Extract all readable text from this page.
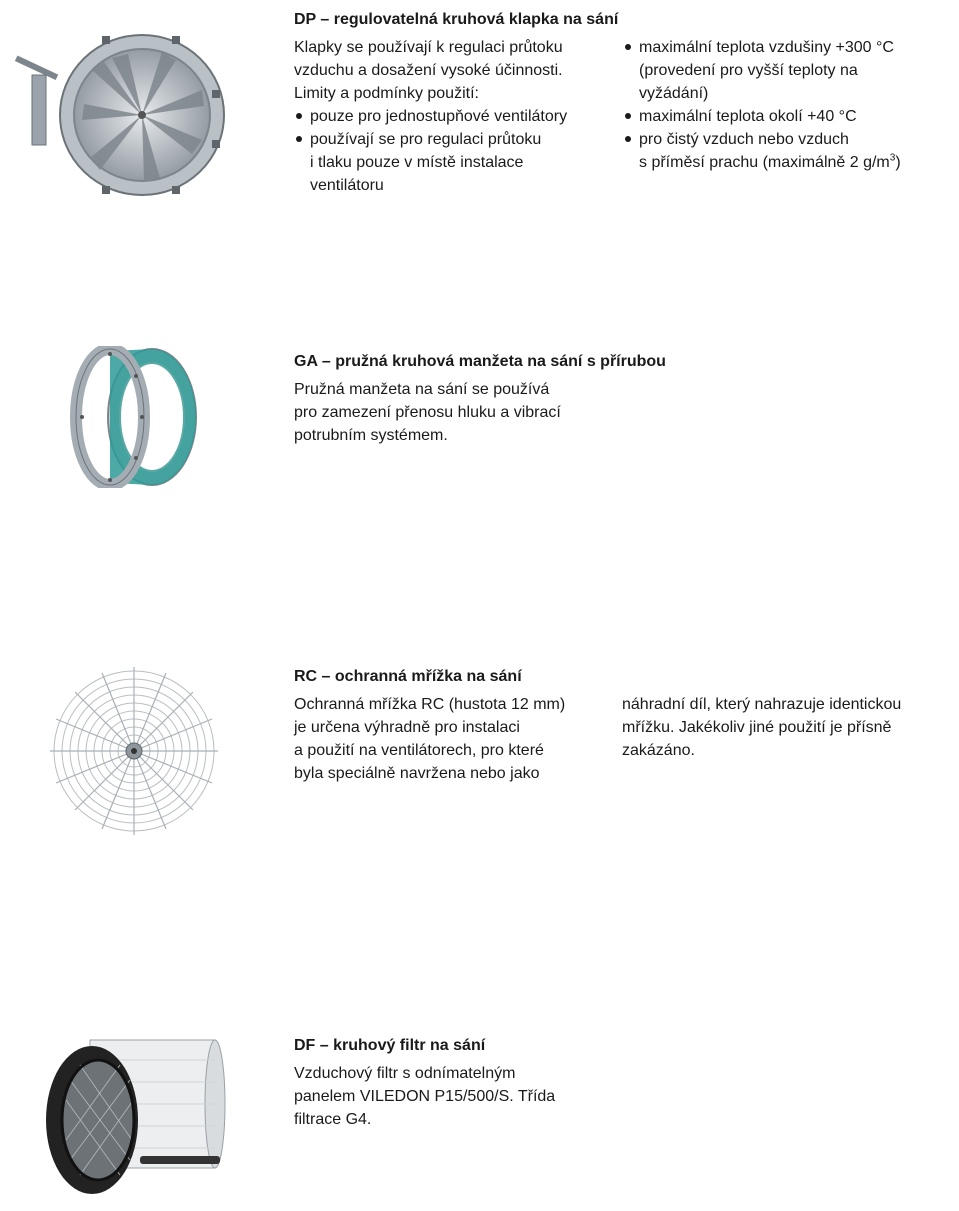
DP – regulovatelná kruhová klapka na sání

Klapky se používají k regulaci průtoku

vzduchu a dosažení vysoké účinnosti.

Limity a podmínky použití:

pouze pro jednostupňové ventilátory
používají se pro regulaci průtoku
i tlaku pouze v místě instalace
ventilátoru
maximální teplota vzdušiny +300 °C
(provedení pro vyšší teploty na
vyžádání)
maximální teplota okolí +40 °C
pro čistý vzduch nebo vzduch
s příměsí prachu (maximálně 2 $g/m^3$)
GA – pružná kruhová manžeta na sání s přírubou

Pružná manžeta na sání se používá

pro zamezení přenosu hluku a vibrací

potrubním systémem.

RC – ochranná mřížka na sání

Ochranná mřížka RC (hustota 12 mm)

je určena výhradně pro instalaci

a použití na ventilátorech, pro které

byla speciálně navržena nebo jako

náhradní díl, který nahrazuje identickou

mřížku. Jakékoliv jiné použití je přísně

zakázáno.

DF – kruhový filtr na sání

Vzduchový filtr s odnímatelným

panelem VILEDON P15/500/S. Třída

filtrace G4.
